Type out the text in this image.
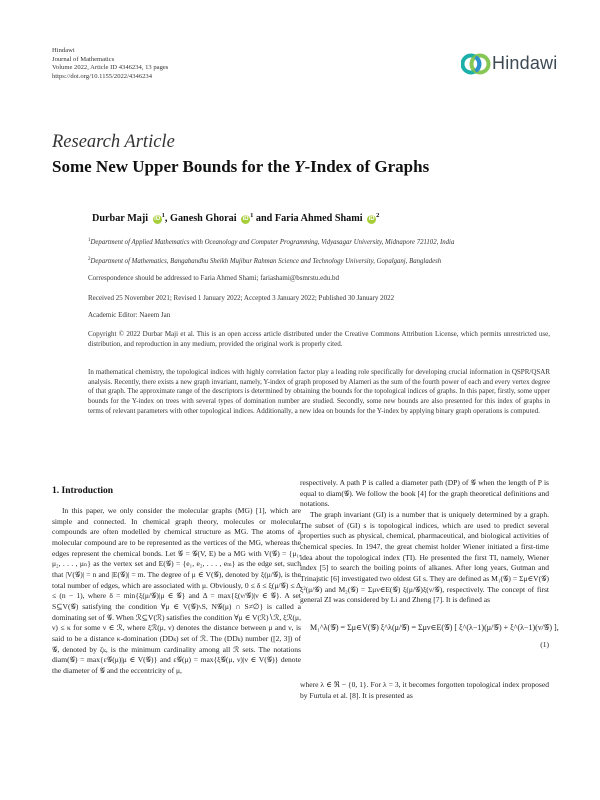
Hindawi
Journal of Mathematics
Volume 2022, Article ID 4346234, 13 pages
https://doi.org/10.1155/2022/4346234
Hindawi
Research Article
Some New Upper Bounds for the Y-Index of Graphs
Durbar Maji iD $^1$, Ganesh Ghorai iD $^1$ and Faria Ahmed Shami iD $^2$
$^1$Department of Applied Mathematics with Oceanology and Computer Programming, Vidyasagar University, Midnapore 721102, India
$^2$Department of Mathematics, Bangabandhu Sheikh Mujibur Rahman Science and Technology University, Gopalganj, Bangladesh
Correspondence should be addressed to Faria Ahmed Shami; fariashami@bsmrstu.edu.bd
Received 25 November 2021; Revised 1 January 2022; Accepted 3 January 2022; Published 30 January 2022
Academic Editor: Naeem Jan
Copyright © 2022 Durbar Maji et al. This is an open access article distributed under the Creative Commons Attribution License, which permits unrestricted use, distribution, and reproduction in any medium, provided the original work is properly cited.
In mathematical chemistry, the topological indices with highly correlation factor play a leading role specifically for developing crucial information in QSPR/QSAR analysis. Recently, there exists a new graph invariant, namely, Y-index of graph proposed by Alameri as the sum of the fourth power of each and every vertex degree of that graph. The approximate range of the descriptors is determined by obtaining the bounds for the topological indices of graphs. In this paper, firstly, some upper bounds for the Y-index on trees with several types of domination number are studied. Secondly, some new bounds are also presented for this index of graphs in terms of relevant parameters with other topological indices. Additionally, a new idea on bounds for the Y-index by applying binary graph operations is computed.
1. Introduction

In this paper, we only consider the molecular graphs (MG) [1], which are simple and connected. In chemical graph theory, molecules or molecular compounds are often modelled by chemical structure as MG. The atoms of a molecular compound are to be represented as the vertices of the MG, whereas the edges represent the chemical bonds. Let 𝒢 = 𝒢(V, E) be a MG with V(𝒢) = {μ₁, μ₂, . . . , μₙ} as the vertex set and E(𝒢) = {e₁, e₂, . . . , eₘ} as the edge set, such that |V(𝒢)| = n and |E(𝒢)| = m. The degree of μ ∈ V(𝒢), denoted by ξ(μ/𝒢), is the total number of edges, which are associated with μ. Obviously, 0 ≤ δ ≤ ξ(μ/𝒢) ≤ Δ ≤ (n − 1), where δ = min{ξ(μ/𝒢)|μ ∈ 𝒢} and Δ = max{ξ(ν/𝒢)|ν ∈ 𝒢}. A set S⊆V(𝒢) satisfying the condition ∀μ ∈ V(𝒢)∖S, N𝒢(μ) ∩ S≠∅} is called a dominating set of 𝒢. When ℛ⊆V(ℛ) satisfies the condition ∀μ ∈ V(ℛ)∖ℛ, ξℛ(μ, ν) ≤ κ for some ν ∈ ℛ, where ξℛ(μ, ν) denotes the distance between μ and ν, is said to be a distance κ-domination (DDₖ) set of ℛ. The (DDₖ) number ([2, 3]) of 𝒢, denoted by ζₖ, is the minimum cardinality among all ℛ sets. The notations diam(𝒢) = max{ε𝒢(μ)|μ ∈ V(𝒢)} and ε𝒢(μ) = max{ξ𝒢(μ, ν)|ν ∈ V(𝒢)} denote the diameter of 𝒢 and the eccentricity of μ,

respectively. A path P is called a diameter path (DP) of 𝒢 when the length of P is equal to diam(𝒢). We follow the book [4] for the graph theoretical definitions and notations.

The graph invariant (GI) is a number that is uniquely determined by a graph. The subset of (GI) s is topological indices, which are used to predict several properties such as physical, chemical, pharmaceutical, and biological activities of chemical species. In 1947, the great chemist holder Wiener initiated a first-time idea about the topological index (TI). He presented the first TI, namely, Wiener index [5] to search the boiling points of alkanes. After long years, Gutman and Trinajstic [6] investigated two oldest GI s. They are defined as M₁(𝒢) = Σμ∈V(𝒢) ξ²(μ/𝒢) and M₂(𝒢) = Σμν∈E(𝒢) ξ(μ/𝒢)ξ(ν/𝒢), respectively. The concept of first general ZI was considered by Li and Zheng [7]. It is defined as

M₁^λ(𝒢) = Σμ∈V(𝒢) ξ^λ(μ/𝒢) = Σμν∈E(𝒢) [ ξ^(λ−1)(μ/𝒢) + ξ^(λ−1)(ν/𝒢) ],
(1)

where λ ∈ ℜ − {0, 1}. For λ = 3, it becomes forgotten topological index proposed by Furtula et al. [8]. It is presented as
